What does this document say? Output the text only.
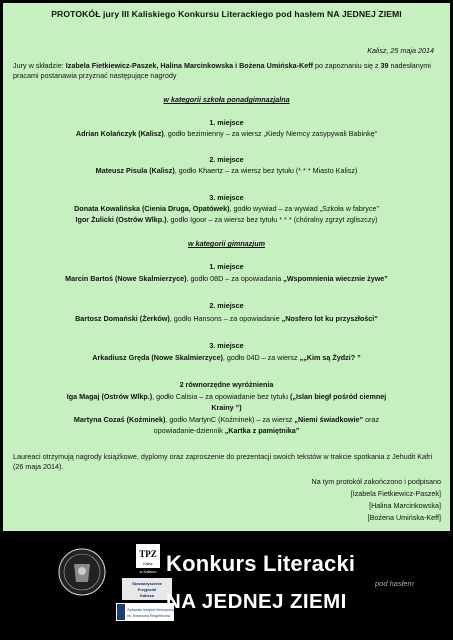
PROTOKÓŁ jury III Kaliskiego Konkursu Literackiego pod hasłem NA JEDNEJ ZIEMI
Kalisz, 25 maja 2014
Jury w składzie: Izabela Fietkiewicz-Paszek, Halina Marcinkowska i Bożena Umińska-Keff po zapoznaniu się z 39 nadesłanymi pracami postanawia przyznać następujące nagrody
w kategorii szkoła ponadgimnazjalna
1. miejsce
Adrian Kolańczyk (Kalisz), godło bezimienny – za wiersz „Kiedy Niemcy zasypywali Babinkę”
2. miejsce
Mateusz Pisula (Kalisz), godło Khaertz – za wiersz bez tytułu (* * * Miasto Kalisz)
3. miejsce
Donata Kowalińska (Cienia Druga, Opatówek), godło wywiad – za wywiad „Szkoła w fabryce”
Igor Żulicki (Ostrów Wlkp.), godło Igoor – za wiersz bez tytułu * * * (chóralny zgrzyt zgliszczy)
w kategorii gimnazjum
1. miejsce
Marcin Bartoś (Nowe Skalmierzyce), godło 08D – za opowiadania „Wspomnienia wiecznie żywe”
2. miejsce
Bartosz Domański (Żerków), godło Hansons – za opowiadanie „Nosfero lot ku przyszłości”
3. miejsce
Arkadiusz Gręda (Nowe Skalmierzyce), godło 04D – za wiersz „„Kim są Żydzi? ”
2 równorzędne wyróżnienia
Iga Magaj (Ostrów Wlkp.), godło Calisia – za opowiadanie bez tytułu („Islan biegł pośród ciemnej
Krainy ”)
Martyna Cozaś (Koźminek), godło MartynC (Koźminek) – za wiersz „Niemi świadkowie” oraz
opowiadanie-dziennik „Kartka z pamiętnika”
Laureaci otrzymują nagrody książkowe, dyplomy oraz zaproszenie do prezentacji swoich tekstów w trakcie spotkania z Jehudit Kafri (26 maja 2014).
Na tym protokół zakończono i podpisano
[Izabela Fietkiewicz-Paszek]
[Halina Marcinkowska]
[Bożena Umińska-Keff]
TPZ
Kalisz
w Kaliszu
Stowarzyszenie
Przyjaciół
Kalisza
Żydowski Instytut Historyczny
im. Emanuela Ringelbluma
Konkurs Literacki
pod hasłem
NA JEDNEJ ZIEMI
